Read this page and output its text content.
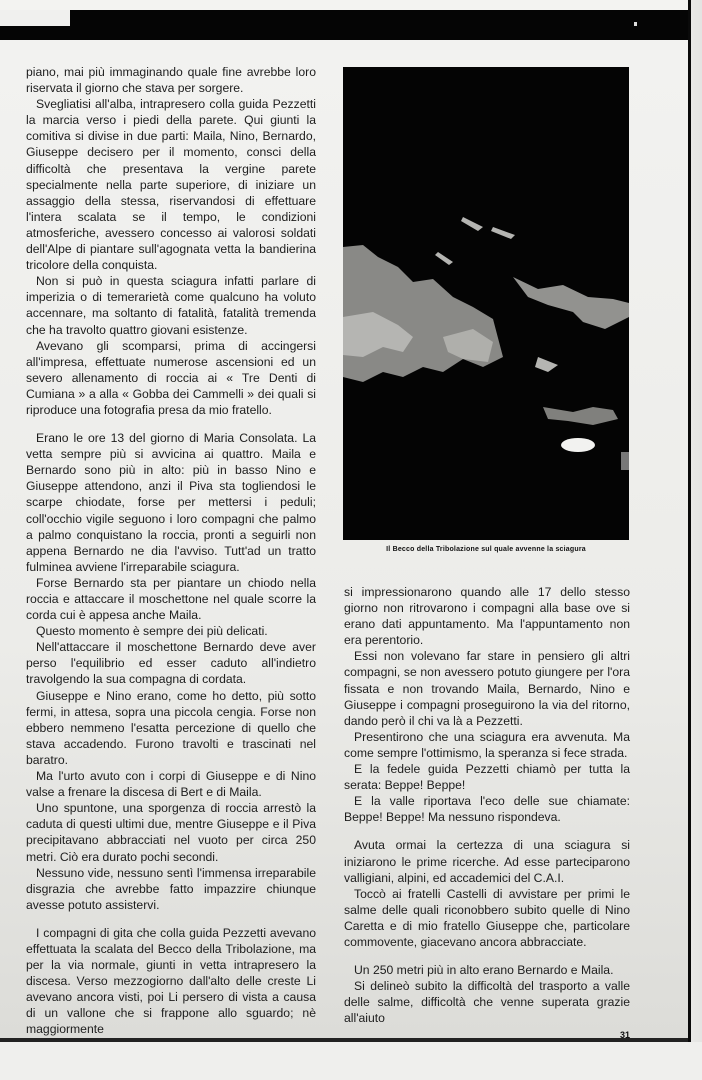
piano, mai più immaginando quale fine avrebbe loro riservata il giorno che stava per sorgere.

Svegliatisi all'alba, intrapresero colla guida Pezzetti la marcia verso i piedi della parete. Qui giunti la comitiva si divise in due parti: Maila, Nino, Bernardo, Giuseppe decisero per il momento, consci della difficoltà che presentava la vergine parete specialmente nella parte superiore, di iniziare un assaggio della stessa, riservandosi di effettuare l'intera scalata se il tempo, le condizioni atmosferiche, avessero concesso ai valorosi soldati dell'Alpe di piantare sull'agognata vetta la bandierina tricolore della conquista.

Non si può in questa sciagura infatti parlare di imperizia o di temerarietà come qualcuno ha voluto accennare, ma soltanto di fatalità, fatalità tremenda che ha travolto quattro giovani esistenze.

Avevano gli scomparsi, prima di accingersi all'impresa, effettuate numerose ascensioni ed un severo allenamento di roccia ai « Tre Denti di Cumiana » a alla « Gobba dei Cammelli » dei quali si riproduce una fotografia presa da mio fratello.

Erano le ore 13 del giorno di Maria Consolata. La vetta sempre più si avvicina ai quattro. Maila e Bernardo sono più in alto: più in basso Nino e Giuseppe attendono, anzi il Piva sta togliendosi le scarpe chiodate, forse per mettersi i peduli; coll'occhio vigile seguono i loro compagni che palmo a palmo conquistano la roccia, pronti a seguirli non appena Bernardo ne dia l'avviso. Tutt'ad un tratto fulminea avviene l'irreparabile sciagura.

Forse Bernardo sta per piantare un chiodo nella roccia e attaccare il moschettone nel quale scorre la corda cui è appesa anche Maila.

Questo momento è sempre dei più delicati.

Nell'attaccare il moschettone Bernardo deve aver perso l'equilibrio ed esser caduto all'indietro travolgendo la sua compagna di cordata.

Giuseppe e Nino erano, come ho detto, più sotto fermi, in attesa, sopra una piccola cengia. Forse non ebbero nemmeno l'esatta percezione di quello che stava accadendo. Furono travolti e trascinati nel baratro.

Ma l'urto avuto con i corpi di Giuseppe e di Nino valse a frenare la discesa di Bert e di Maila.

Uno spuntone, una sporgenza di roccia arrestò la caduta di questi ultimi due, mentre Giuseppe e il Piva precipitavano abbracciati nel vuoto per circa 250 metri. Ciò era durato pochi secondi.

Nessuno vide, nessuno sentì l'immensa irreparabile disgrazia che avrebbe fatto impazzire chiunque avesse potuto assistervi.

I compagni di gita che colla guida Pezzetti avevano effettuata la scalata del Becco della Tribolazione, ma per la via normale, giunti in vetta intrapresero la discesa. Verso mezzogiorno dall'alto delle creste Li avevano ancora visti, poi Li persero di vista a causa di un vallone che si frappone allo sguardo; nè maggiormente

Il Becco della Tribolazione sul quale avvenne la sciagura

si impressionarono quando alle 17 dello stesso giorno non ritrovarono i compagni alla base ove si erano dati appuntamento. Ma l'appuntamento non era perentorio.

Essi non volevano far stare in pensiero gli altri compagni, se non avessero potuto giungere per l'ora fissata e non trovando Maila, Bernardo, Nino e Giuseppe i compagni proseguirono la via del ritorno, dando però il chi va là a Pezzetti.

Presentirono che una sciagura era avvenuta. Ma come sempre l'ottimismo, la speranza si fece strada.

E la fedele guida Pezzetti chiamò per tutta la serata: Beppe! Beppe!

E la valle riportava l'eco delle sue chiamate: Beppe! Beppe! Ma nessuno rispondeva.

Avuta ormai la certezza di una sciagura si iniziarono le prime ricerche. Ad esse parteciparono valligiani, alpini, ed accademici del C.A.I.

Toccò ai fratelli Castelli di avvistare per primi le salme delle quali riconobbero subito quelle di Nino Caretta e di mio fratello Giuseppe che, particolare commovente, giacevano ancora abbracciate.

Un 250 metri più in alto erano Bernardo e Maila.

Si delineò subito la difficoltà del trasporto a valle delle salme, difficoltà che venne superata grazie all'aiuto

31
